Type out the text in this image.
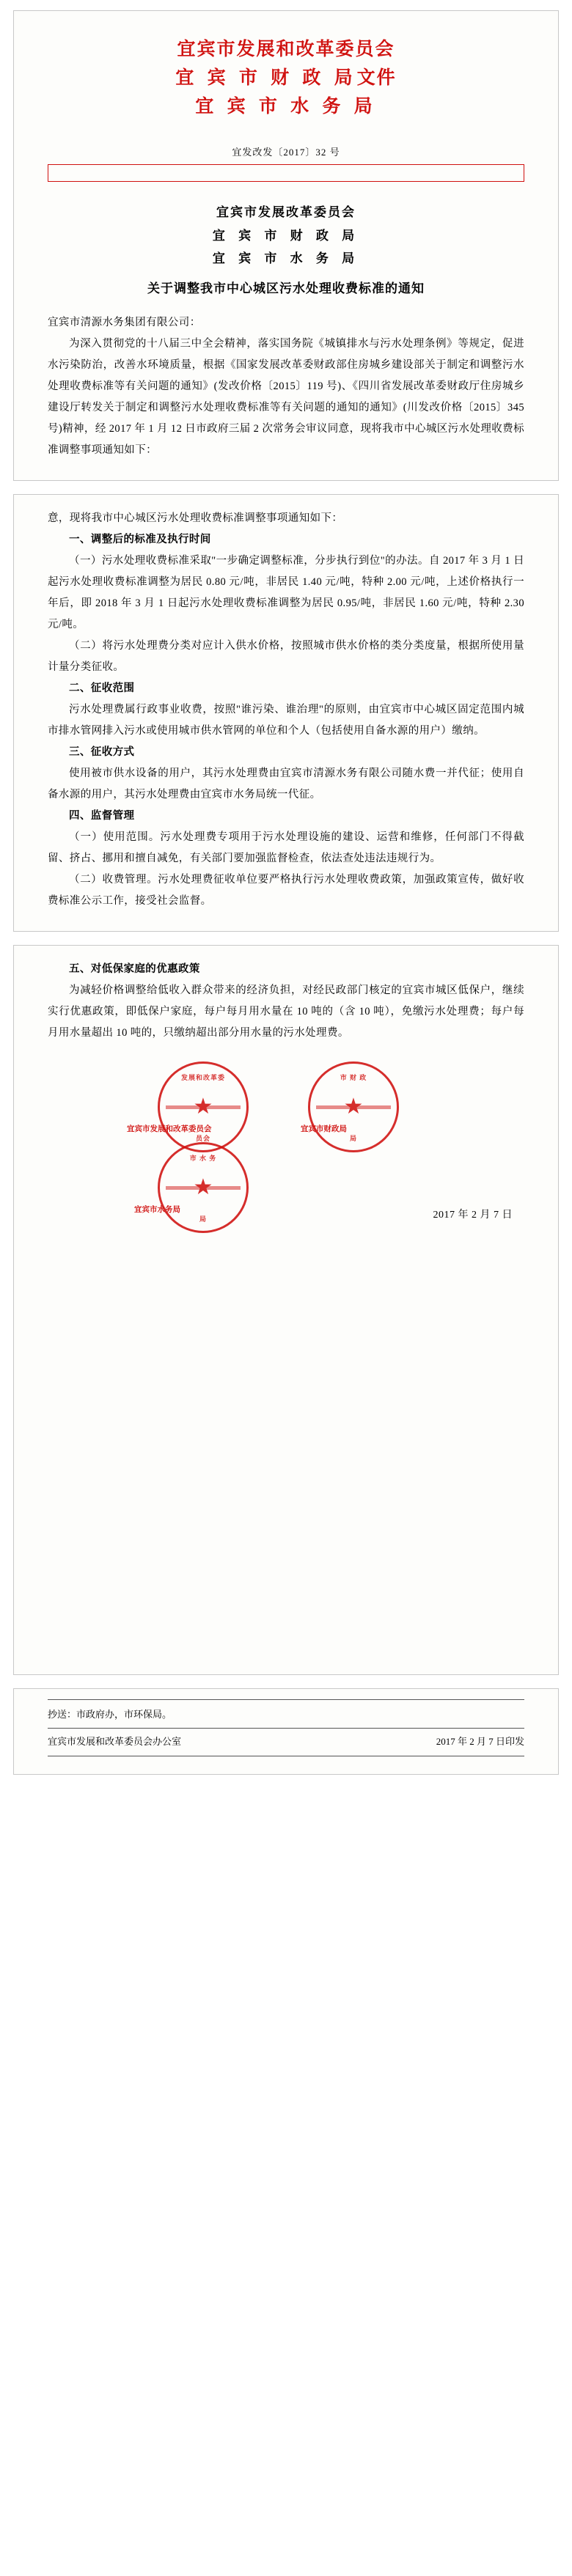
宜宾市发展和改革委员会
宜 宾 市 财 政 局文件
宜 宾 市 水 务 局
宜发改发〔2017〕32 号
宜宾市发展改革委员会
宜 宾 市 财 政 局
宜 宾 市 水 务 局
关于调整我市中心城区污水处理收费标准的通知

宜宾市清源水务集团有限公司：

为深入贯彻党的十八届三中全会精神，落实国务院《城镇排水与污水处理条例》等规定，促进水污染防治，改善水环境质量，根据《国家发展改革委财政部住房城乡建设部关于制定和调整污水处理收费标准等有关问题的通知》(发改价格〔2015〕119 号)、《四川省发展改革委财政厅住房城乡建设厅转发关于制定和调整污水处理收费标准等有关问题的通知的通知》(川发改价格〔2015〕345 号)精神，经 2017 年 1 月 12 日市政府三届 2 次常务会审议同意，现将我市中心城区污水处理收费标准调整事项通知如下：

意，现将我市中心城区污水处理收费标准调整事项通知如下：

一、调整后的标准及执行时间

（一）污水处理收费标准采取"一步确定调整标准，分步执行到位"的办法。自 2017 年 3 月 1 日起污水处理收费标准调整为居民 0.80 元/吨，非居民 1.40 元/吨，特种 2.00 元/吨，上述价格执行一年后，即 2018 年 3 月 1 日起污水处理收费标准调整为居民 0.95/吨，非居民 1.60 元/吨，特种 2.30 元/吨。

（二）将污水处理费分类对应计入供水价格，按照城市供水价格的类分类度量，根据所使用量计量分类征收。

二、征收范围

污水处理费属行政事业收费，按照"谁污染、谁治理"的原则，由宜宾市中心城区固定范围内城市排水管网排入污水或使用城市供水管网的单位和个人（包括使用自备水源的用户）缴纳。

三、征收方式

使用被市供水设备的用户，其污水处理费由宜宾市清源水务有限公司随水费一并代征；使用自备水源的用户，其污水处理费由宜宾市水务局统一代征。

四、监督管理

（一）使用范围。污水处理费专项用于污水处理设施的建设、运营和维修，任何部门不得截留、挤占、挪用和擅自减免，有关部门要加强监督检查，依法查处违法违规行为。

（二）收费管理。污水处理费征收单位要严格执行污水处理收费政策，加强政策宣传，做好收费标准公示工作，接受社会监督。

五、对低保家庭的优惠政策

为减轻价格调整给低收入群众带来的经济负担，对经民政部门核定的宜宾市城区低保户，继续实行优惠政策，即低保户家庭，每户每月用水量在 10 吨的（含 10 吨），免缴污水处理费；每户每月用水量超出 10 吨的，只缴纳超出部分用水量的污水处理费。

发展和改革委
★
员会
市 财 政
★
局
市 水 务
★
局
宜宾市发展和改革委员会	宜宾市财政局
宜宾市水务局	2017 年 2 月 7 日
抄送：市政府办，市环保局。
宜宾市发展和改革委员会办公室	2017 年 2 月 7 日印发
